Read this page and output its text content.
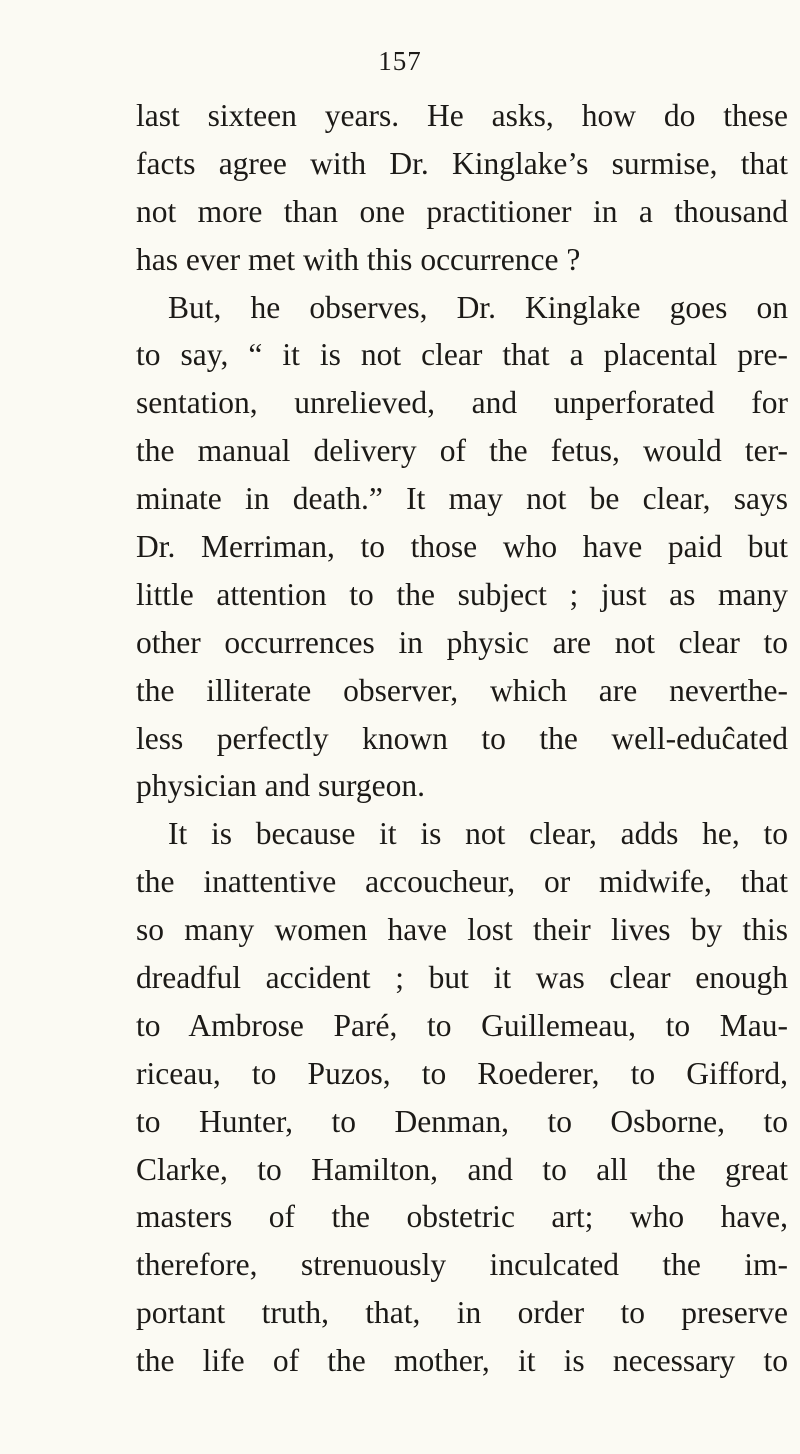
157
last sixteen years. He asks, how do these
facts agree with Dr. Kinglake’s surmise, that
not more than one practitioner in a thousand
has ever met with this occurrence ?
But, he observes, Dr. Kinglake goes on
to say, “ it is not clear that a placental pre-
sentation, unrelieved, and unperforated for
the manual delivery of the fetus, would ter-
minate in death.” It may not be clear, says
Dr. Merriman, to those who have paid but
little attention to the subject ; just as many
other occurrences in physic are not clear to
the illiterate observer, which are neverthe-
less perfectly known to the well-eduĉated
physician and surgeon.
It is because it is not clear, adds he, to
the inattentive accoucheur, or midwife, that
so many women have lost their lives by this
dreadful accident ; but it was clear enough
to Ambrose Paré, to Guillemeau, to Mau-
riceau, to Puzos, to Roederer, to Gifford,
to Hunter, to Denman, to Osborne, to
Clarke, to Hamilton, and to all the great
masters of the obstetric art; who have,
therefore, strenuously inculcated the im-
portant truth, that, in order to preserve
the life of the mother, it is necessary to
